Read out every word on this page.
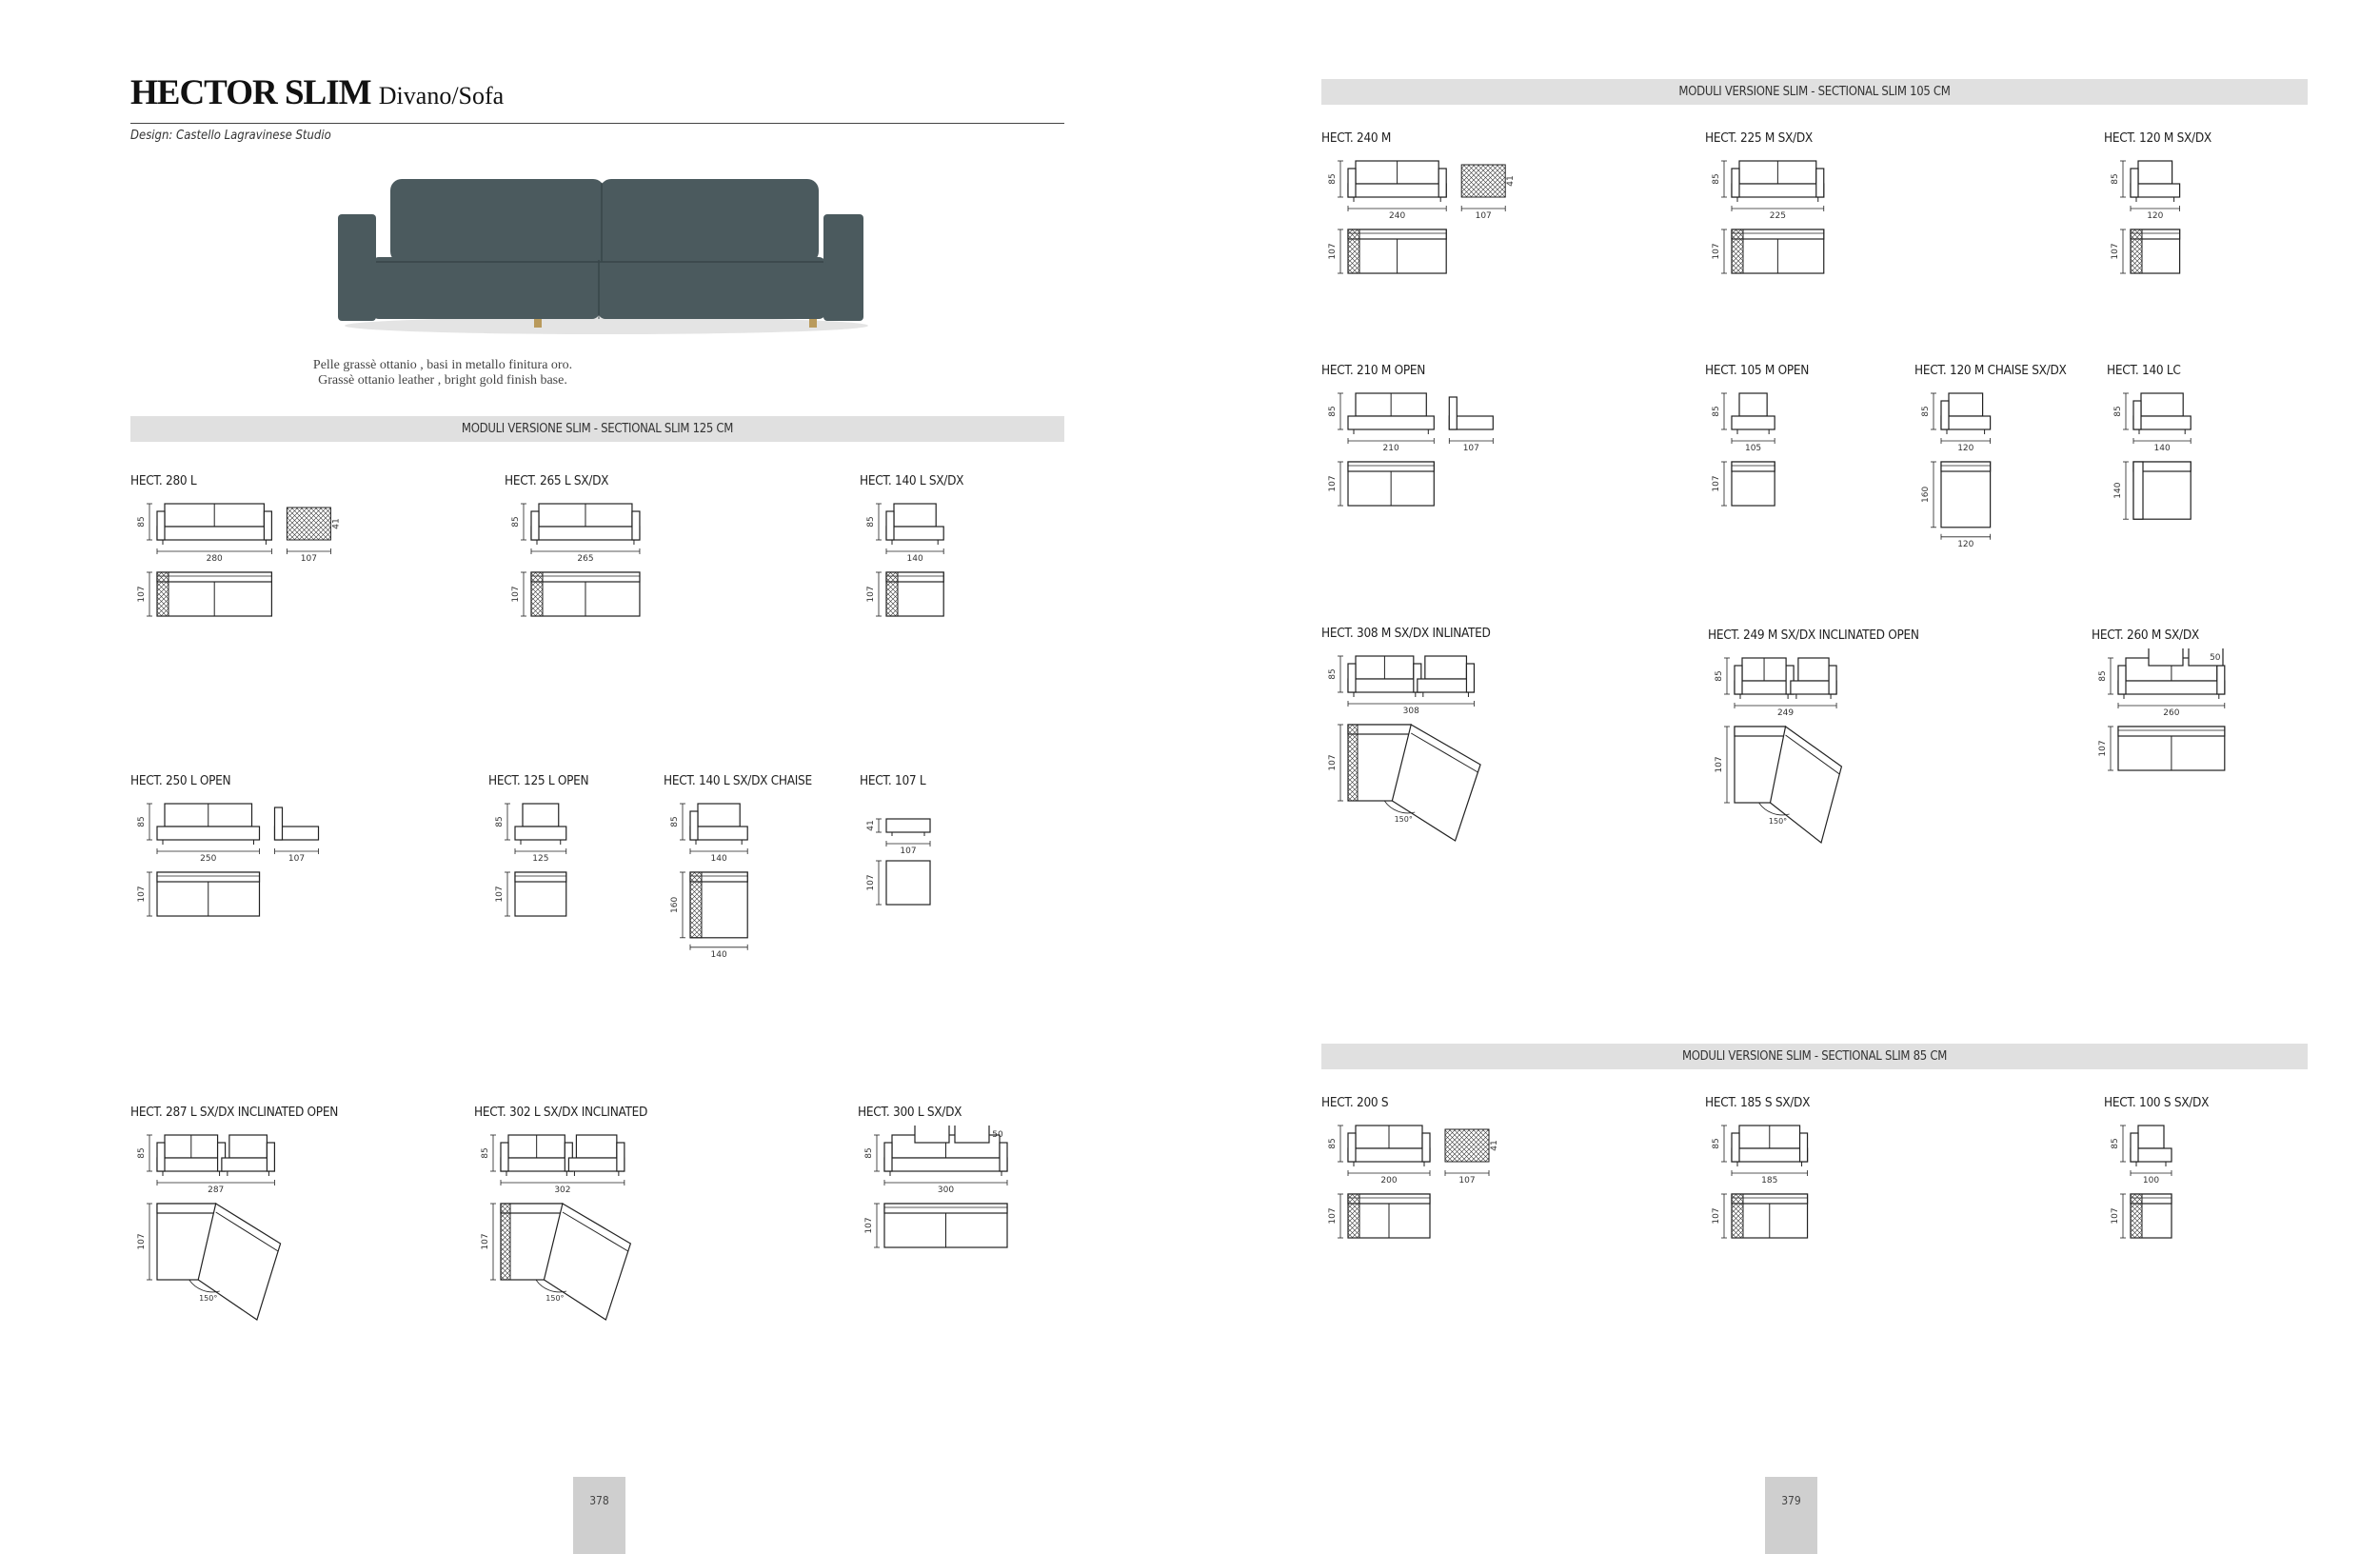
HECTOR SLIM Divano/Sofa
Design: Castello Lagravinese Studio
Pelle grassè ottanio , basi in metallo finitura oro.
Grassè ottanio leather , bright gold finish base.
MODULI VERSIONE SLIM - SECTIONAL SLIM 125 CM
MODULI VERSIONE SLIM - SECTIONAL SLIM 105 CM
MODULI VERSIONE SLIM - SECTIONAL SLIM 85 CM
HECT. 280 L
85
280
107
41
107
HECT. 265 L SX/DX
85
265
107
HECT. 140 L SX/DX
85
140
107
HECT. 250 L OPEN
85
250
107
107
HECT. 125 L OPEN
85
125
107
HECT. 140 L SX/DX CHAISE
85
140
160
140
HECT. 107 L
41
107
107
HECT. 287 L SX/DX INCLINATED OPEN
85
287
107
150°
HECT. 302 L SX/DX INCLINATED
85
302
107
150°
HECT. 300 L SX/DX
50
85
300
107
HECT. 240 M
85
240
107
41
107
HECT. 225 M SX/DX
85
225
107
HECT. 120 M SX/DX
85
120
107
HECT. 210 M OPEN
85
210
107
107
HECT. 105 M OPEN
85
105
107
HECT. 120 M CHAISE SX/DX
85
120
160
120
HECT. 140 LC
85
140
140
HECT. 308 M SX/DX INLINATED
85
308
107
150°
HECT. 249 M SX/DX INCLINATED OPEN
85
249
107
150°
HECT. 260 M SX/DX
50
85
260
107
HECT. 200 S
85
200
107
41
107
HECT. 185 S SX/DX
85
185
107
HECT. 100 S SX/DX
85
100
107
378	379
